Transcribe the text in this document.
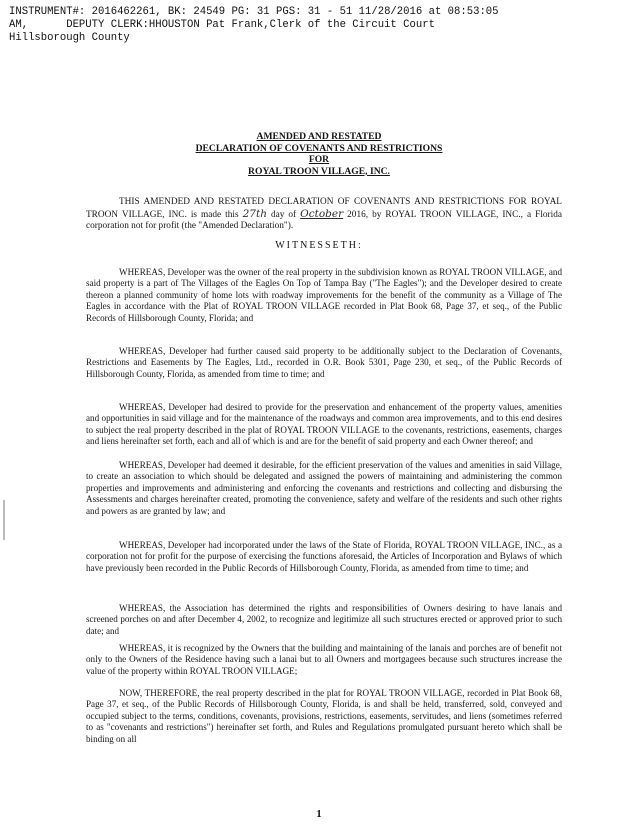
INSTRUMENT#: 2016462261, BK: 24549 PG: 31 PGS: 31 - 51 11/28/2016 at 08:53:05
AM,      DEPUTY CLERK:HHOUSTON Pat Frank,Clerk of the Circuit Court
Hillsborough County
AMENDED AND RESTATED
DECLARATION OF COVENANTS AND RESTRICTIONS
FOR
ROYAL TROON VILLAGE, INC.
THIS AMENDED AND RESTATED DECLARATION OF COVENANTS AND RESTRICTIONS FOR ROYAL TROON VILLAGE, INC. is made this 27th day of October 2016, by ROYAL TROON VILLAGE, INC., a Florida corporation not for profit (the "Amended Declaration").
WITNESSETH:
WHEREAS, Developer was the owner of the real property in the subdivision known as ROYAL TROON VILLAGE, and said property is a part of The Villages of the Eagles On Top of Tampa Bay ("The Eagles"); and the Developer desired to create thereon a planned community of home lots with roadway improvements for the benefit of the community as a Village of The Eagles in accordance with the Plat of ROYAL TROON VILLAGE recorded in Plat Book 68, Page 37, et seq., of the Public Records of Hillsborough County, Florida; and
WHEREAS, Developer had further caused said property to be additionally subject to the Declaration of Covenants, Restrictions and Easements by The Eagles, Ltd., recorded in O.R. Book 5301, Page 230, et seq., of the Public Records of Hillsborough County, Florida, as amended from time to time; and
WHEREAS, Developer had desired to provide for the preservation and enhancement of the property values, amenities and opportunities in said village and for the maintenance of the roadways and common area improvements, and to this end desires to subject the real property described in the plat of ROYAL TROON VILLAGE to the covenants, restrictions, easements, charges and liens hereinafter set forth, each and all of which is and are for the benefit of said property and each Owner thereof; and
WHEREAS, Developer had deemed it desirable, for the efficient preservation of the values and amenities in said Village, to create an association to which should be delegated and assigned the powers of maintaining and administering the common properties and improvements and administering and enforcing the covenants and restrictions and collecting and disbursing the Assessments and charges hereinafter created, promoting the convenience, safety and welfare of the residents and such other rights and powers as are granted by law; and
WHEREAS, Developer had incorporated under the laws of the State of Florida, ROYAL TROON VILLAGE, INC., as a corporation not for profit for the purpose of exercising the functions aforesaid, the Articles of Incorporation and Bylaws of which have previously been recorded in the Public Records of Hillsborough County, Florida, as amended from time to time; and
WHEREAS, the Association has determined the rights and responsibilities of Owners desiring to have lanais and screened porches on and after December 4, 2002, to recognize and legitimize all such structures erected or approved prior to such date; and
WHEREAS, it is recognized by the Owners that the building and maintaining of the lanais and porches are of benefit not only to the Owners of the Residence having such a lanai but to all Owners and mortgagees because such structures increase the value of the property within ROYAL TROON VILLAGE;
NOW, THEREFORE, the real property described in the plat for ROYAL TROON VILLAGE, recorded in Plat Book 68, Page 37, et seq., of the Public Records of Hillsborough County, Florida, is and shall be held, transferred, sold, conveyed and occupied subject to the terms, conditions, covenants, provisions, restrictions, easements, servitudes, and liens (sometimes referred to as "covenants and restrictions") hereinafter set forth, and Rules and Regulations promulgated pursuant hereto which shall be binding on all
1
